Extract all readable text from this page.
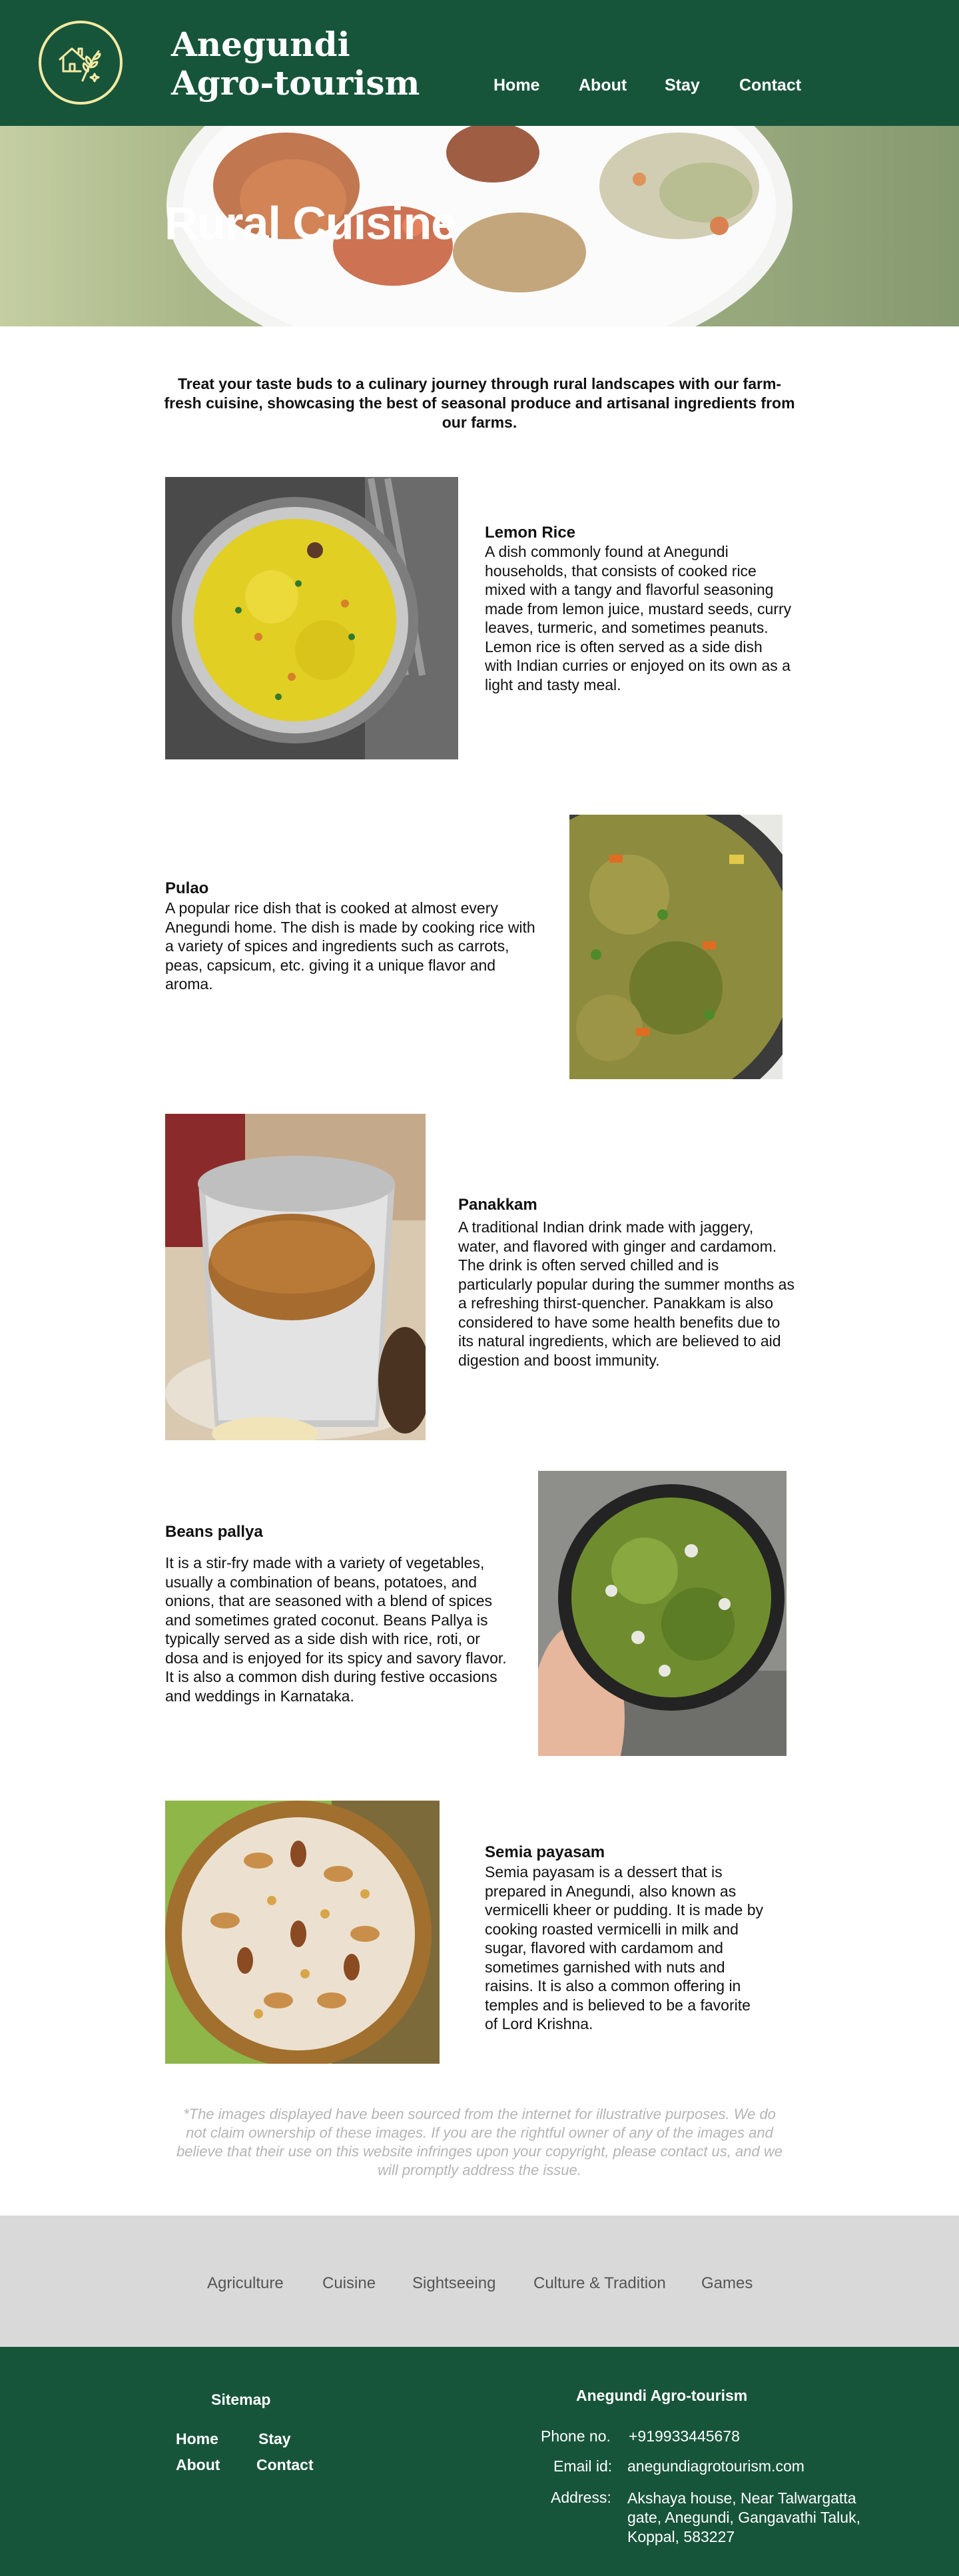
Anegundi
Agro-tourism	Home About Stay Contact
Rural Cuisine

Treat your taste buds to a culinary journey through rural landscapes with our farm-fresh cuisine, showcasing the best of seasonal produce and artisanal ingredients from our farms.

Lemon Rice

A dish commonly found at Anegundi households, that consists of cooked rice mixed with a tangy and flavorful seasoning made from lemon juice, mustard seeds, curry leaves, turmeric, and sometimes peanuts. Lemon rice is often served as a side dish with Indian curries or enjoyed on its own as a light and tasty meal.

Pulao

A popular rice dish that is cooked at almost every Anegundi home. The dish is made by cooking rice with a variety of spices and ingredients such as carrots, peas, capsicum, etc. giving it a unique flavor and aroma.

Panakkam

A traditional Indian drink made with jaggery, water, and flavored with ginger and cardamom. The drink is often served chilled and is particularly popular during the summer months as a refreshing thirst-quencher. Panakkam is also considered to have some health benefits due to its natural ingredients, which are believed to aid digestion and boost immunity.

Beans pallya

It is a stir-fry made with a variety of vegetables, usually a combination of beans, potatoes, and onions, that are seasoned with a blend of spices and sometimes grated coconut. Beans Pallya is typically served as a side dish with rice, roti, or dosa and is enjoyed for its spicy and savory flavor. It is also a common dish during festive occasions and weddings in Karnataka.

Semia payasam

Semia payasam is a dessert that is prepared in Anegundi, also known as vermicelli kheer or pudding. It is made by cooking roasted vermicelli in milk and sugar, flavored with cardamom and sometimes garnished with nuts and raisins. It is also a common offering in temples and is believed to be a favorite of Lord Krishna.

*The images displayed have been sourced from the internet for illustrative purposes. We do not claim ownership of these images. If you are the rightful owner of any of the images and believe that their use on this website infringes upon your copyright, please contact us, and we will promptly address the issue.

Agriculture Cuisine Sightseeing Culture & Tradition Games
Sitemap
Home	Stay
About Contact
Anegundi Agro-tourism
Phone no. +919933445678
Email id: anegundiagrotourism.com
Address: Akshaya house, Near Talwargatta
gate, Anegundi, Gangavathi Taluk,
Koppal, 583227
